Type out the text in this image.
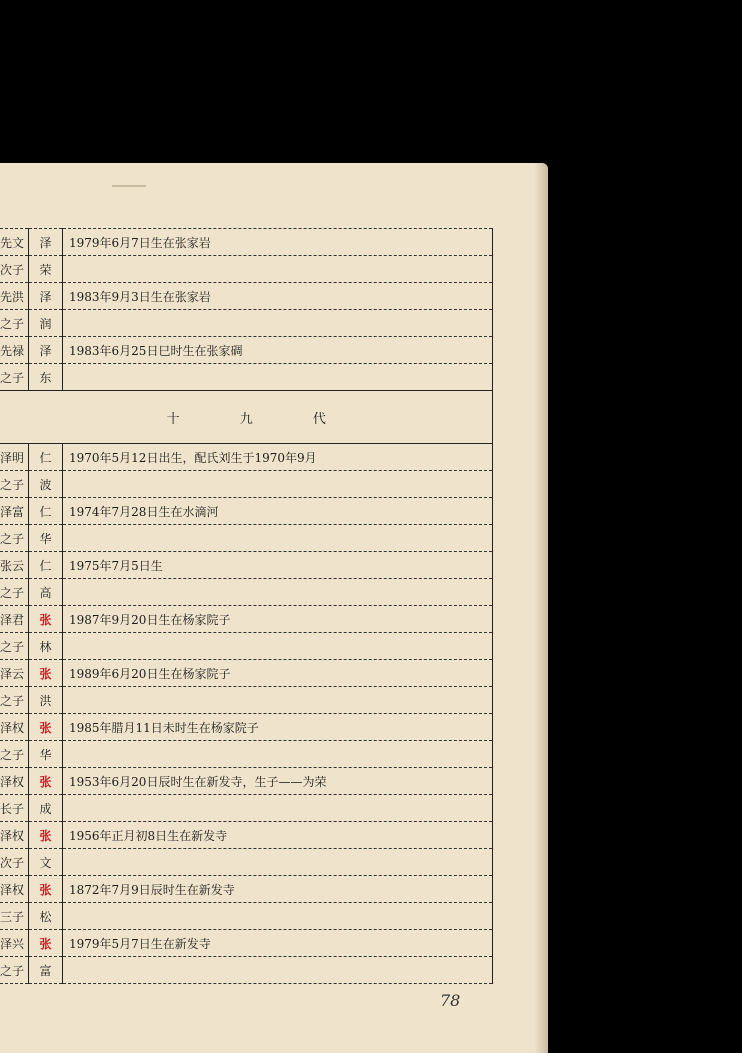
先文	泽	1979年6月7日生在张家岩
次子	荣	
先洪	泽	1983年9月3日生在张家岩
之子	润	
先禄	泽	1983年6月25日巳时生在张家碉
之子	东	
	十 九 代	
泽明	仁	1970年5月12日出生，配氏刘生于1970年9月
之子	波	
泽富	仁	1974年7月28日生在水滴河
之子	华	
张云	仁	1975年7月5日生
之子	高	
泽君	张	1987年9月20日生在杨家院子
之子	林	
泽云	张	1989年6月20日生在杨家院子
之子	洪	
泽权	张	1985年腊月11日未时生在杨家院子
之子	华	
泽权	张	1953年6月20日辰时生在新发寺，生子——为荣
长子	成	
泽权	张	1956年正月初8日生在新发寺
次子	文	
泽权	张	1872年7月9日辰时生在新发寺
三子	松	
泽兴	张	1979年5月7日生在新发寺
之子	富	
78
